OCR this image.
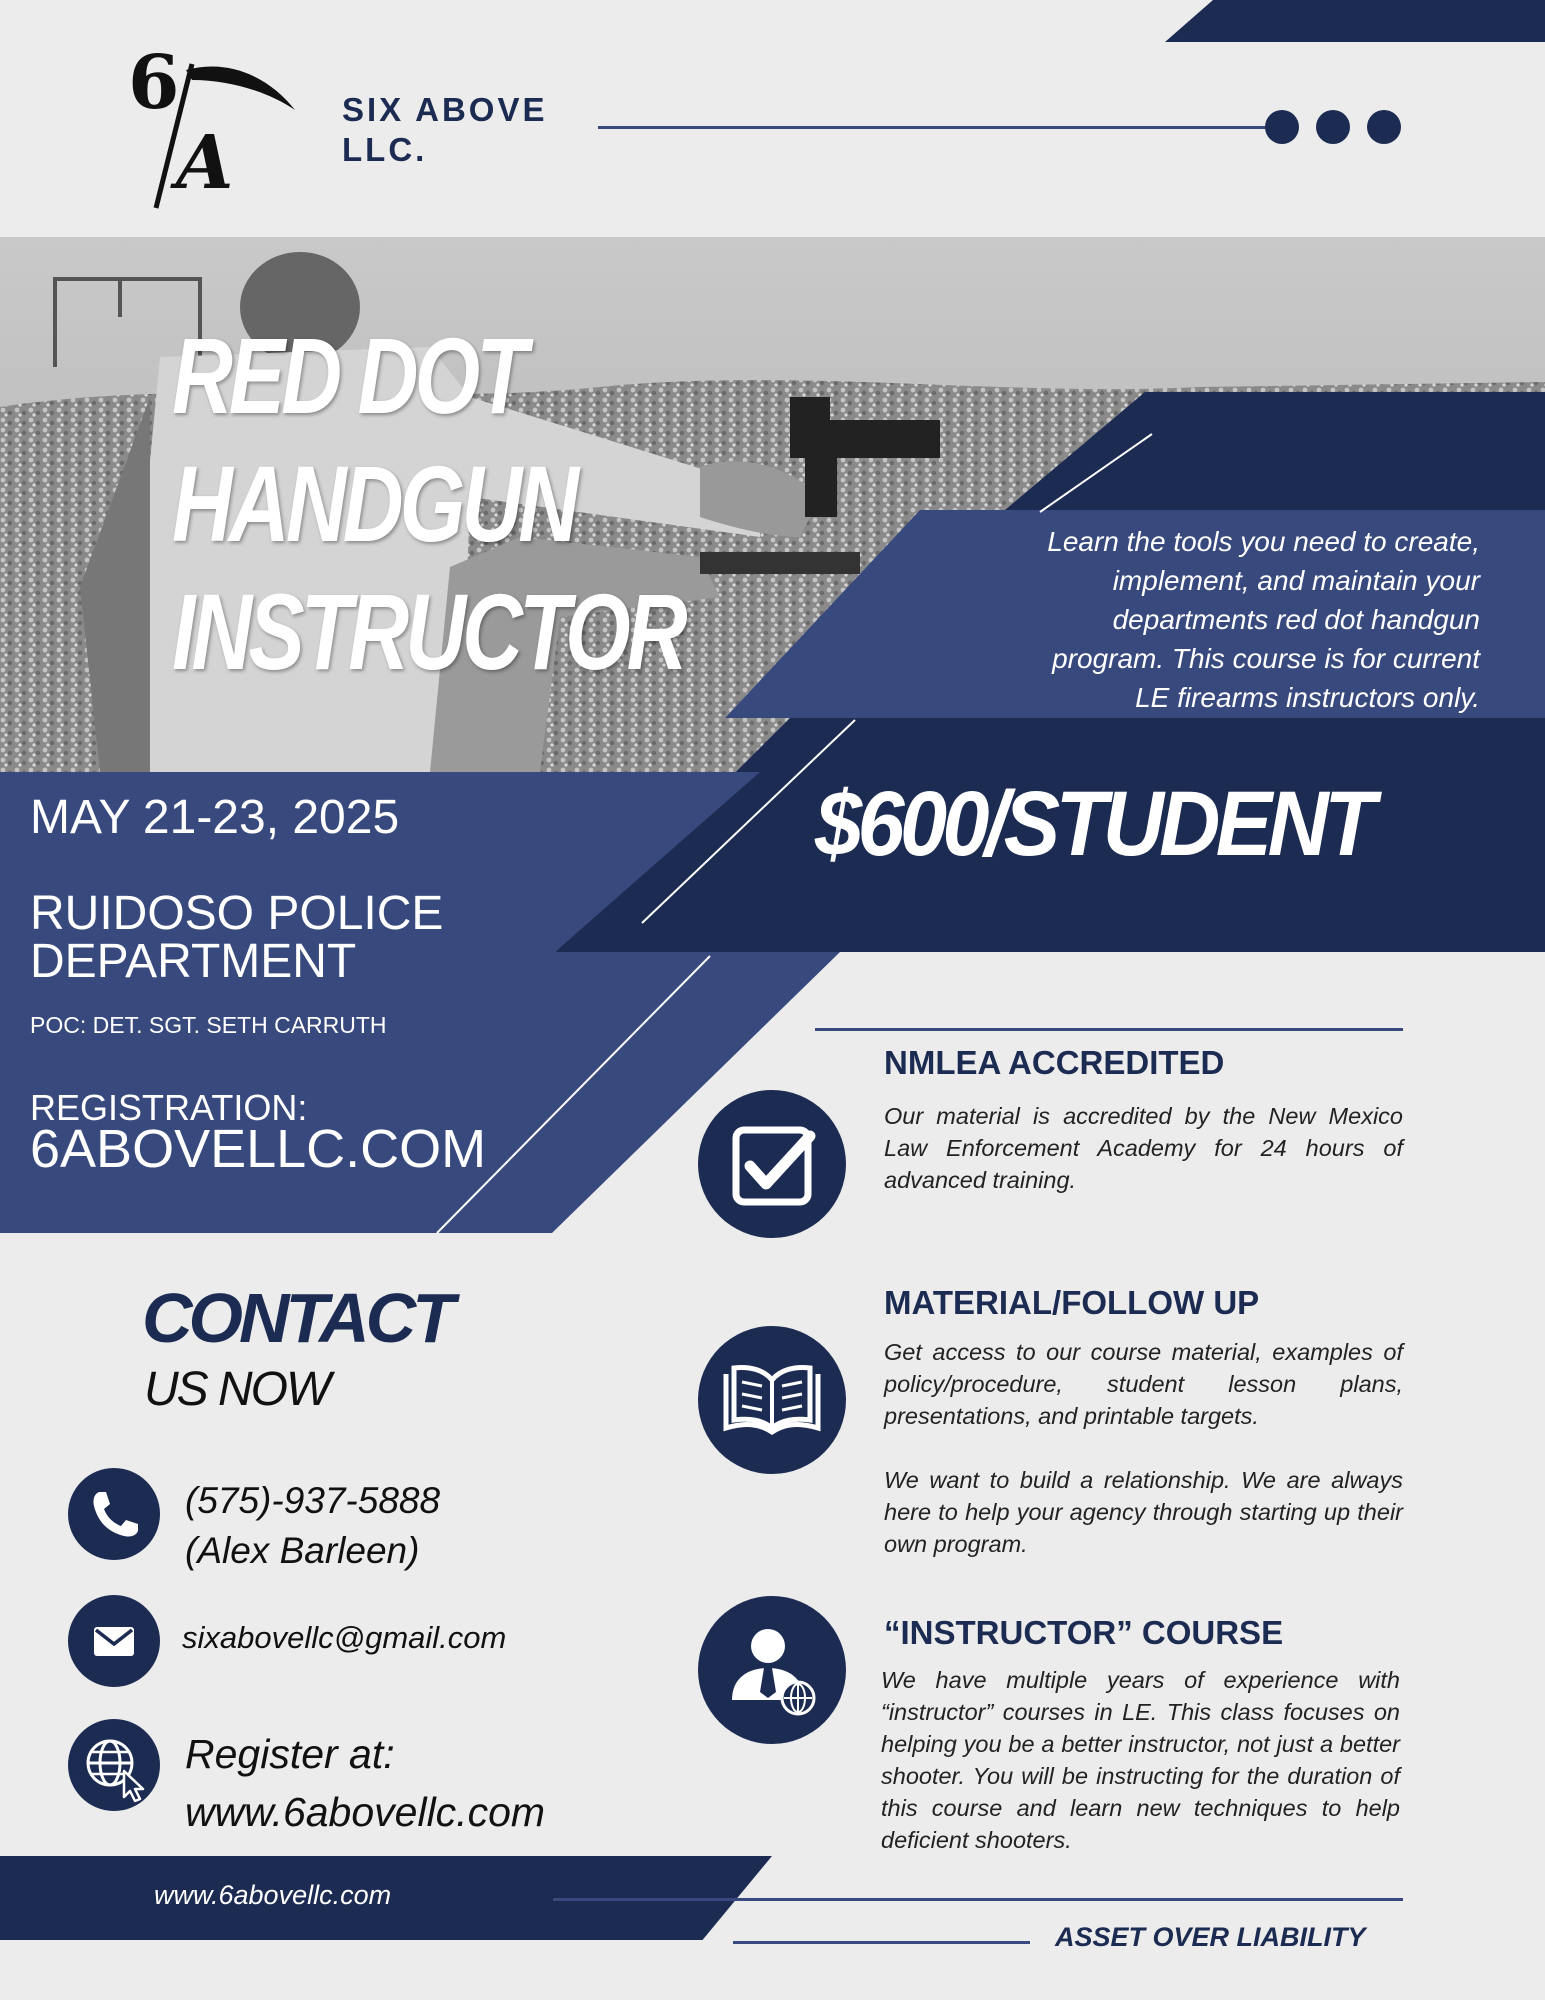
6
A
SIX ABOVE
LLC.
RED DOT
HANDGUN
INSTRUCTOR
Learn the tools you need to create,
implement, and maintain your
departments red dot handgun
program. This course is for current
LE firearms instructors only.
$600/STUDENT
MAY 21-23, 2025
RUIDOSO POLICE
DEPARTMENT
POC: DET. SGT. SETH CARRUTH
REGISTRATION:
6ABOVELLC.COM
NMLEA ACCREDITED
Our material is accredited by the New Mexico Law Enforcement Academy for 24 hours of advanced training.
MATERIAL/FOLLOW UP
Get access to our course material, examples of policy/procedure, student lesson plans, presentations, and printable targets.
We want to build a relationship. We are always here to help your agency through starting up their own program.
“INSTRUCTOR” COURSE
We have multiple years of experience with “instructor” courses in LE. This class focuses on helping you be a better instructor, not just a better shooter. You will be instructing for the duration of this course and learn new techniques to help deficient shooters.
CONTACT
US NOW
(575)-937-5888
(Alex Barleen)
sixabovellc@gmail.com
Register at:
www.6abovellc.com
www.6abovellc.com
ASSET OVER LIABILITY
